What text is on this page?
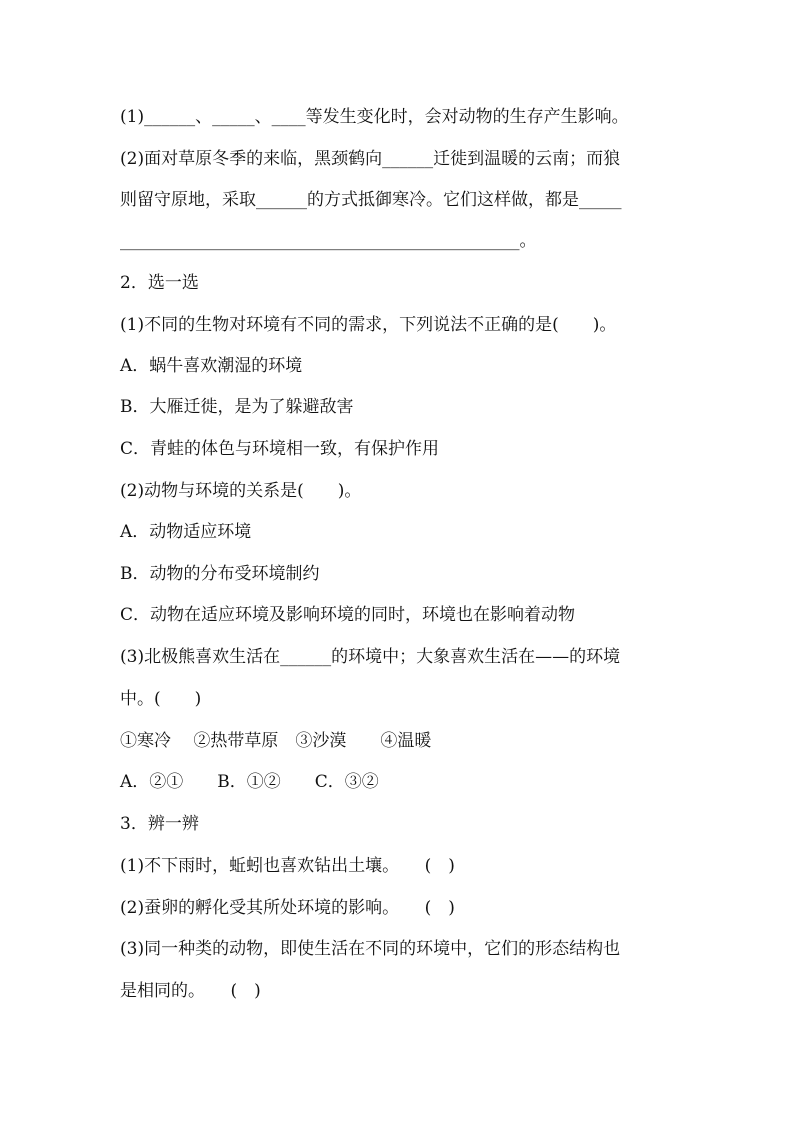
(1)______、_____、____等发生变化时，会对动物的生存产生影响。
(2)面对草原冬季的来临，黑颈鹤向______迁徙到温暖的云南；而狼
则留守原地，采取______的方式抵御寒冷。它们这样做，都是_____
_______________________________________________。
2．选一选
(1)不同的生物对环境有不同的需求，下列说法不正确的是(　　)。
A．蜗牛喜欢潮湿的环境
B．大雁迁徙，是为了躲避敌害
C．青蛙的体色与环境相一致，有保护作用
(2)动物与环境的关系是(　　)。
A．动物适应环境
B．动物的分布受环境制约
C．动物在适应环境及影响环境的同时，环境也在影响着动物
(3)北极熊喜欢生活在______的环境中；大象喜欢生活在——的环境
中。(　　)
①寒冷　 ②热带草原　③沙漠　　④温暖
A．②①　　B．①②　　C．③②
3．辨一辨
(1)不下雨时，蚯蚓也喜欢钻出土壤。　　(　)
(2)蚕卵的孵化受其所处环境的影响。　　(　)
(3)同一种类的动物，即使生活在不同的环境中，它们的形态结构也
是相同的。　　(　)
